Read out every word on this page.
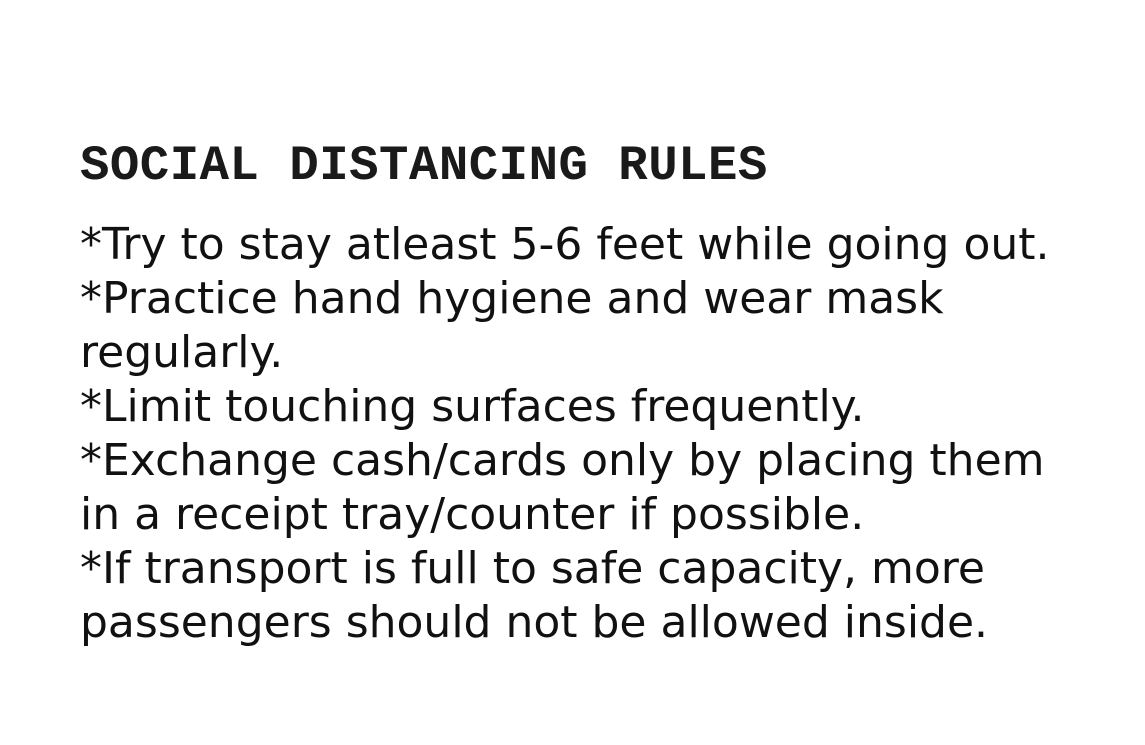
SOCIAL DISTANCING RULES
*Try to stay atleast 5-6 feet while going out.
*Practice hand hygiene and wear mask regularly.
*Limit touching surfaces frequently.
*Exchange cash/cards only by placing them in a receipt tray/counter if possible.
*If transport is full to safe capacity, more passengers should not be allowed inside.
